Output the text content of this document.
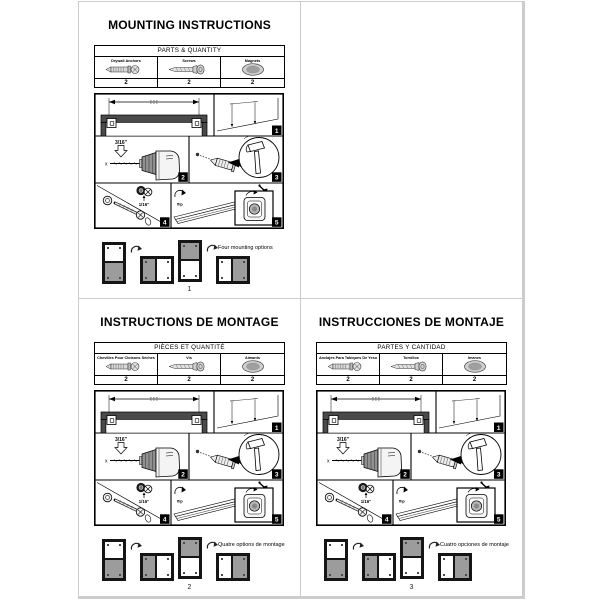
MOUNTING INSTRUCTIONS
PARTS & QUANTITY
Drywall Anchors	Screws	Magnets
2	2	2
1
3/16"
x
2	3
1/16"
4
flip
5
Four mounting options
1
INSTRUCTIONS DE MONTAGE
PIÈCES ET QUANTITÉ
Chevilles Pour Cloisons Sèches	Vis	Aimants
2	2	2
1
3/16"
x
2	3
1/16"
4
flip
5
Quatre options de montage
2
INSTRUCCIONES DE MONTAJE
PARTES Y CANTIDAD
Anclajes Para Tabiques De Yeso	Tornillos	Imanes
2	2	2
1
3/16"
x
2	3
1/16"
4
flip
5
Cuatro opciones de montaje
3
